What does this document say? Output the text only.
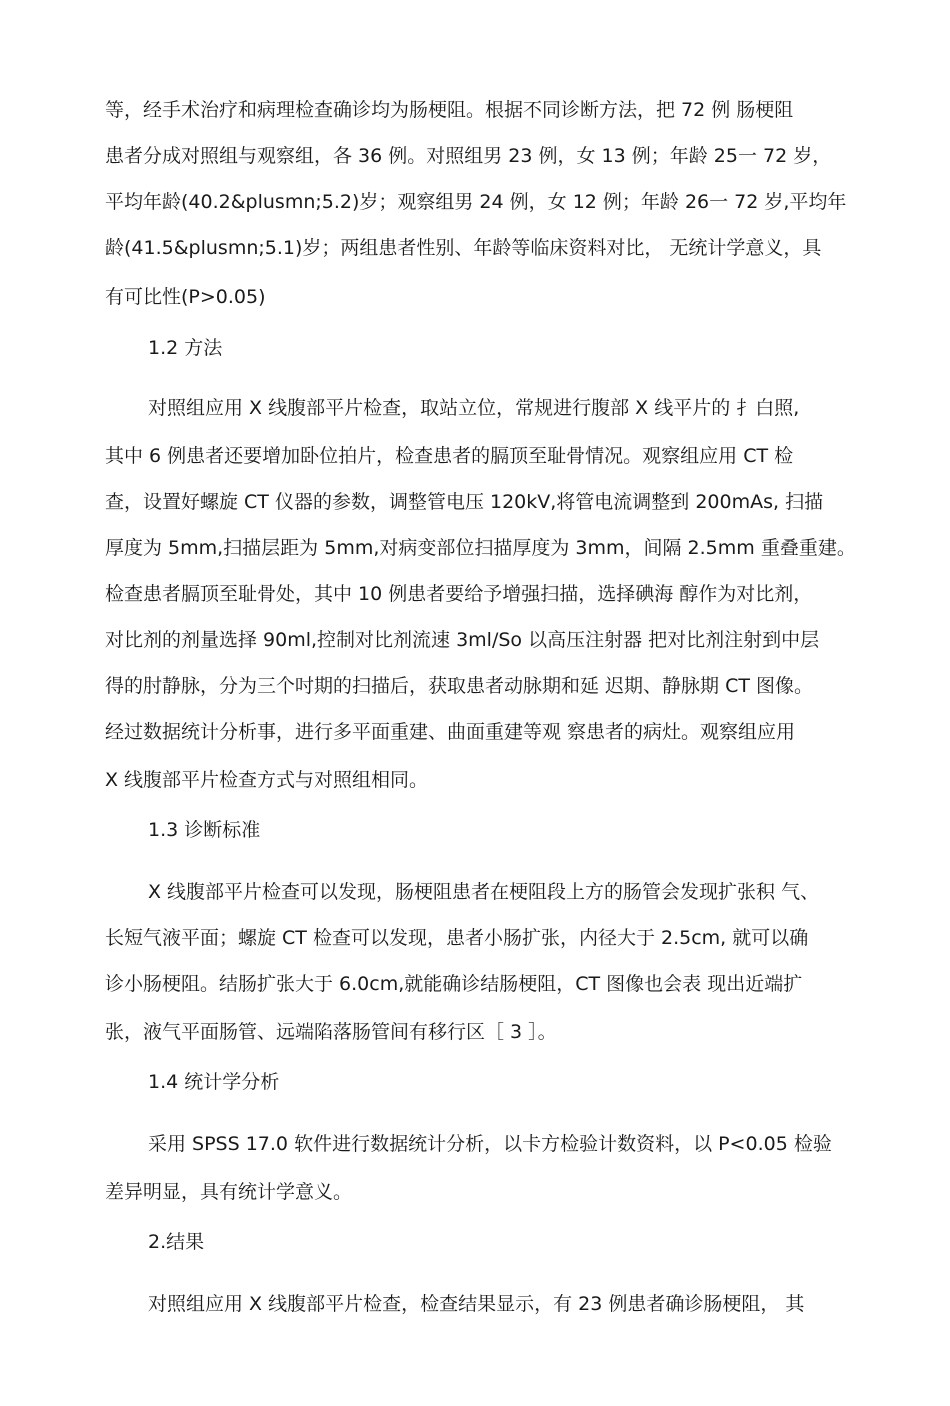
等，经手术治疗和病理检查确诊均为肠梗阻。根据不同诊断方法，把 72 例 肠梗阻
患者分成对照组与观察组，各 36 例。对照组男 23 例，女 13 例；年龄 25一 72 岁，
平均年龄(40.2&plusmn;5.2)岁；观察组男 24 例，女 12 例；年龄 26一 72 岁,平均年
龄(41.5&plusmn;5.1)岁；两组患者性别、年龄等临床资料对比， 无统计学意义，具
有可比性(P>0.05)
1.2 方法
对照组应用 X 线腹部平片检查，取站立位，常规进行腹部 X 线平片的 扌白照,
其中 6 例患者还要增加卧位拍片，检查患者的膈顶至耻骨情况。观察组应用 CT 检
查，设置好螺旋 CT 仪器的参数，调整管电压 120kV,将管电流调整到 200mAs, 扫描
厚度为 5mm,扫描层距为 5mm,对病变部位扫描厚度为 3mm，间隔 2.5mm 重叠重建。
检查患者膈顶至耻骨处，其中 10 例患者要给予增强扫描，选择碘海 醇作为对比剂，
对比剂的剂量选择 90ml,控制对比剂流速 3ml/So 以高压注射器 把对比剂注射到中层
得的肘静脉，分为三个吋期的扫描后，获取患者动脉期和延 迟期、静脉期 CT 图像。
经过数据统计分析事，进行多平面重建、曲面重建等观 察患者的病灶。观察组应用
X 线腹部平片检查方式与对照组相同。
1.3 诊断标准
X 线腹部平片检查可以发现，肠梗阻患者在梗阻段上方的肠管会发现扩张积 气、
长短气液平面；螺旋 CT 检查可以发现，患者小肠扩张，内径大于 2.5cm, 就可以确
诊小肠梗阻。结肠扩张大于 6.0cm,就能确诊结肠梗阻，CT 图像也会表 现出近端扩
张，液气平面肠管、远端陷落肠管间有移行区［ 3 ］。
1.4 统计学分析
采用 SPSS 17.0 软件进行数据统计分析，以卡方检验计数资料，以 P<0.05 检验
差异明显，具有统计学意义。
2.结果
对照组应用 X 线腹部平片检查，检查结果显示，有 23 例患者确诊肠梗阻， 其
